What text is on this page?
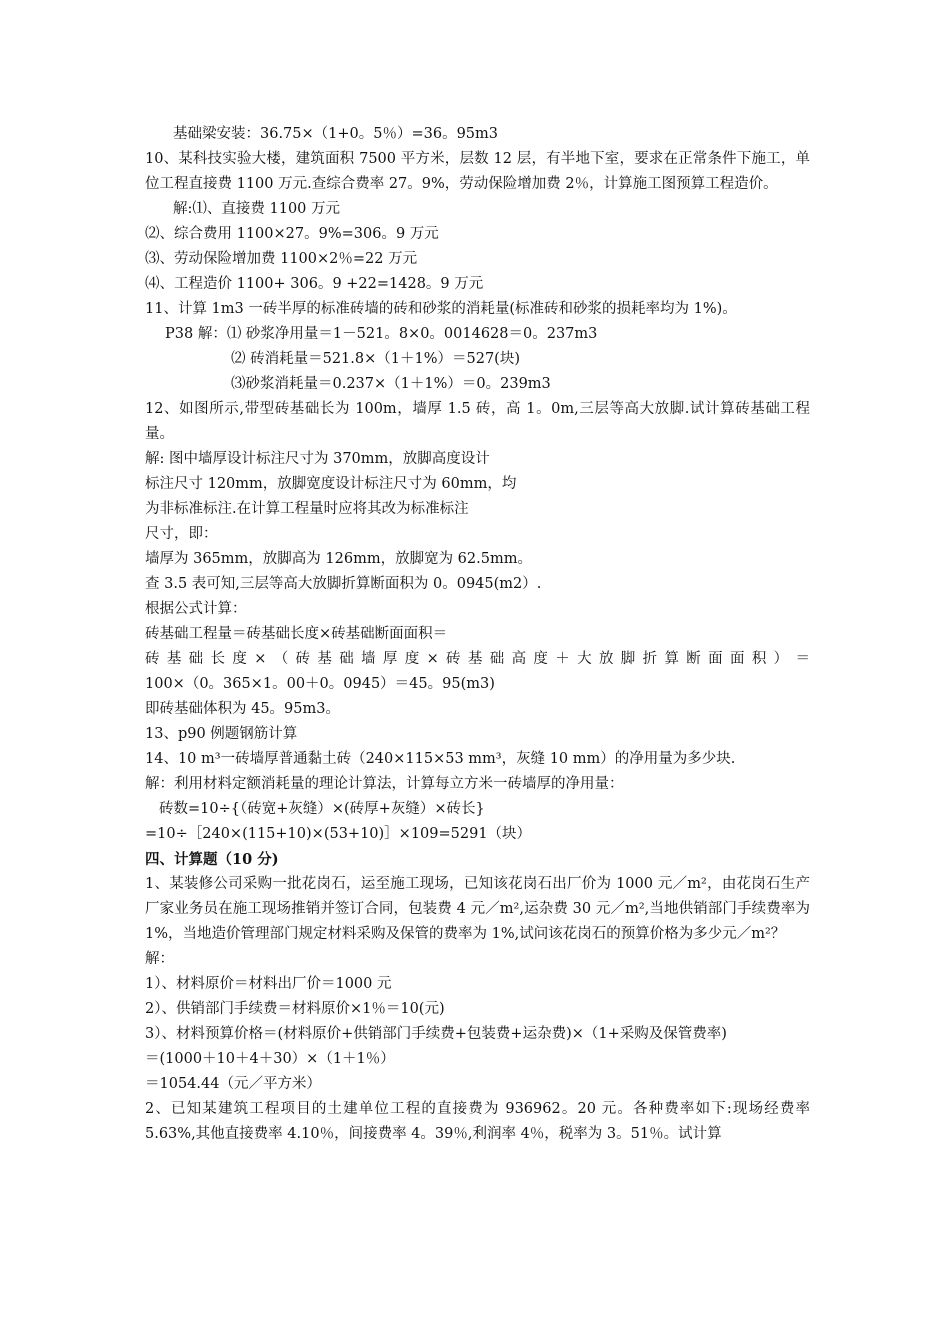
基础梁安装：36.75×（1+0。5％）=36。95m3
10、某科技实验大楼，建筑面积 7500 平方米，层数 12 层，有半地下室，要求在正常条件下施工，单位工程直接费 1100 万元.查综合费率 27。9%，劳动保险增加费 2％，计算施工图预算工程造价。
解:⑴、直接费 1100 万元
⑵、综合费用 1100×27。9%=306。9 万元
⑶、劳动保险增加费 1100×2％=22 万元
⑷、工程造价 1100+ 306。9 +22=1428。9 万元
11、计算 1m3 一砖半厚的标准砖墙的砖和砂浆的消耗量(标准砖和砂浆的损耗率均为 1%)。
P38 解：⑴ 砂浆净用量＝1－521。8×0。0014628＝0。237m3
⑵ 砖消耗量＝521.8×（1＋1%）＝527(块)
⑶砂浆消耗量＝0.237×（1＋1%）＝0。239m3
12、如图所示,带型砖基础长为 100m，墙厚 1.5 砖，高 1。0m,三层等高大放脚.试计算砖基础工程量。
解: 图中墙厚设计标注尺寸为 370mm，放脚高度设计
标注尺寸 120mm，放脚宽度设计标注尺寸为 60mm，均
为非标准标注.在计算工程量时应将其改为标准标注
尺寸，即：
墙厚为 365mm，放脚高为 126mm，放脚宽为 62.5mm。
查 3.5 表可知,三层等高大放脚折算断面积为 0。0945(m2）.
根据公式计算：
砖基础工程量＝砖基础长度×砖基础断面面积＝
砖基础长度×（砖基础墙厚度×砖基础高度＋大放脚折算断面面积）＝
100×（0。365×1。00＋0。0945）＝45。95(m3)
即砖基础体积为 45。95m3。
13、p90 例题钢筋计算
14、10 m³一砖墙厚普通黏土砖（240×115×53 mm³，灰缝 10 mm）的净用量为多少块.
解：利用材料定额消耗量的理论计算法，计算每立方米一砖墙厚的净用量：
砖数=10÷{（砖宽+灰缝）×(砖厚+灰缝）×砖长}
=10÷［240×(115+10)×(53+10)］×109=5291（块）
四、计算题（10 分)
1、某装修公司采购一批花岗石，运至施工现场，已知该花岗石出厂价为 1000 元／m²，由花岗石生产厂家业务员在施工现场推销并签订合同，包装费 4 元／m²,运杂费 30 元／m²,当地供销部门手续费率为 1%，当地造价管理部门规定材料采购及保管的费率为 1%,试问该花岗石的预算价格为多少元／m²？
解：
1）、材料原价＝材料出厂价＝1000 元
2）、供销部门手续费＝材料原价×1％＝10(元)
3）、材料预算价格＝(材料原价+供销部门手续费+包装费+运杂费)×（1+采购及保管费率)
＝(1000＋10＋4＋30）×（1＋1％）
＝1054.44（元／平方米）
2、已知某建筑工程项目的土建单位工程的直接费为 936962。20 元。各种费率如下:现场经费率 5.63%,其他直接费率 4.10％，间接费率 4。39％,利润率 4％，税率为 3。51％。试计算
